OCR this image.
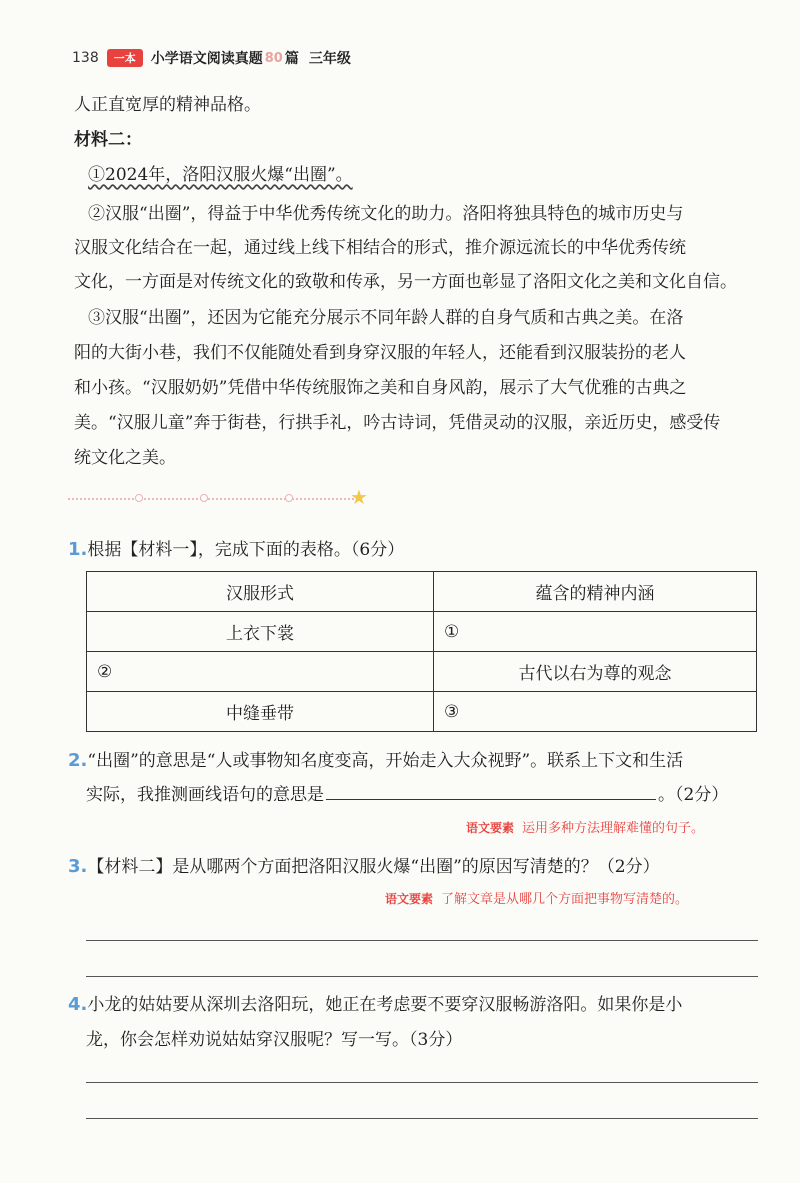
138	一本	小学语文阅读真题 80 篇 三年级
人正直宽厚的精神品格。
材料二：
①2024年，洛阳汉服火爆“出圈”。
②汉服“出圈”，得益于中华优秀传统文化的助力。洛阳将独具特色的城市历史与
汉服文化结合在一起，通过线上线下相结合的形式，推介源远流长的中华优秀传统
文化，一方面是对传统文化的致敬和传承，另一方面也彰显了洛阳文化之美和文化自信。
③汉服“出圈”，还因为它能充分展示不同年龄人群的自身气质和古典之美。在洛
阳的大街小巷，我们不仅能随处看到身穿汉服的年轻人，还能看到汉服装扮的老人
和小孩。“汉服奶奶”凭借中华传统服饰之美和自身风韵，展示了大气优雅的古典之
美。“汉服儿童”奔于街巷，行拱手礼，吟古诗词，凭借灵动的汉服，亲近历史，感受传
统文化之美。
★
1.根据【材料一】，完成下面的表格。（6分）
汉服形式	蕴含的精神内涵
上衣下裳	①
②	古代以右为尊的观念
中缝垂带	③
2.“出圈”的意思是“人或事物知名度变高，开始走入大众视野”。联系上下文和生活
实际，我推测画线语句的意思是	。（2分）
语文要素 运用多种方法理解难懂的句子。
3.【材料二】是从哪两个方面把洛阳汉服火爆“出圈”的原因写清楚的？（2分）
语文要素 了解文章是从哪几个方面把事物写清楚的。
4.小龙的姑姑要从深圳去洛阳玩，她正在考虑要不要穿汉服畅游洛阳。如果你是小
龙，你会怎样劝说姑姑穿汉服呢？写一写。（3分）
